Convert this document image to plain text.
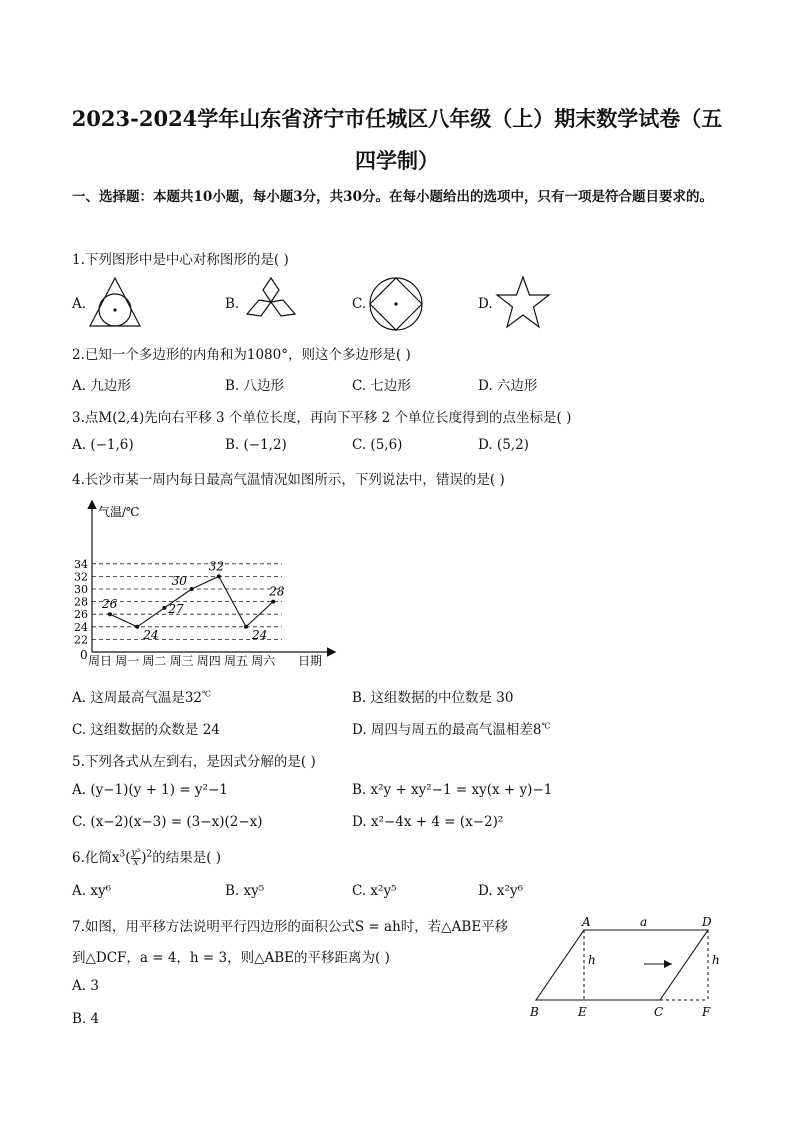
2023-2024学年山东省济宁市任城区八年级（上）期末数学试卷（五
四学制）
一、选择题：本题共10小题，每小题3分，共30分。在每小题给出的选项中，只有一项是符合题目要求的。
1.下列图形中是中心对称图形的是( )
A.	B.	C.	D.
2.已知一个多边形的内角和为1080°，则这个多边形是( )
A. 九边形	B. 八边形	C. 七边形	D. 六边形
3.点M(2,4)先向右平移 3 个单位长度，再向下平移 2 个单位长度得到的点坐标是( )
A. (−1,6)	B. (−1,2)	C. (5,6)	D. (5,2)
4.长沙市某一周内每日最高气温情况如图所示，下列说法中，错误的是( )
气温/℃
日期
0
22
24
26
28
30
32
34
周日 周一 周二 周三 周四 周五 周六
26
24
27
30
32
24
28
A. 这周最高气温是32℃	B. 这组数据的中位数是 30
C. 这组数据的众数是 24	D. 周四与周五的最高气温相差8℃
5.下列各式从左到右，是因式分解的是( )
A. (y−1)(y + 1) = y²−1	B. x²y + xy²−1 = xy(x + y)−1
C. (x−2)(x−3) = (3−x)(2−x)	D. x²−4x + 4 = (x−2)²
6.化简$x^3( \frac{\text{y³}}{x} )^2$的结果是( )
A. xy⁶	B. xy⁵	C. x²y⁵	D. x²y⁶
7.如图，用平移方法说明平行四边形的面积公式S = ah时，若△ABE平移
到△DCF，a = 4，h = 3，则△ABE的平移距离为( )
A. 3
B. 4
A	D
a
h	h
B	E	C	F
